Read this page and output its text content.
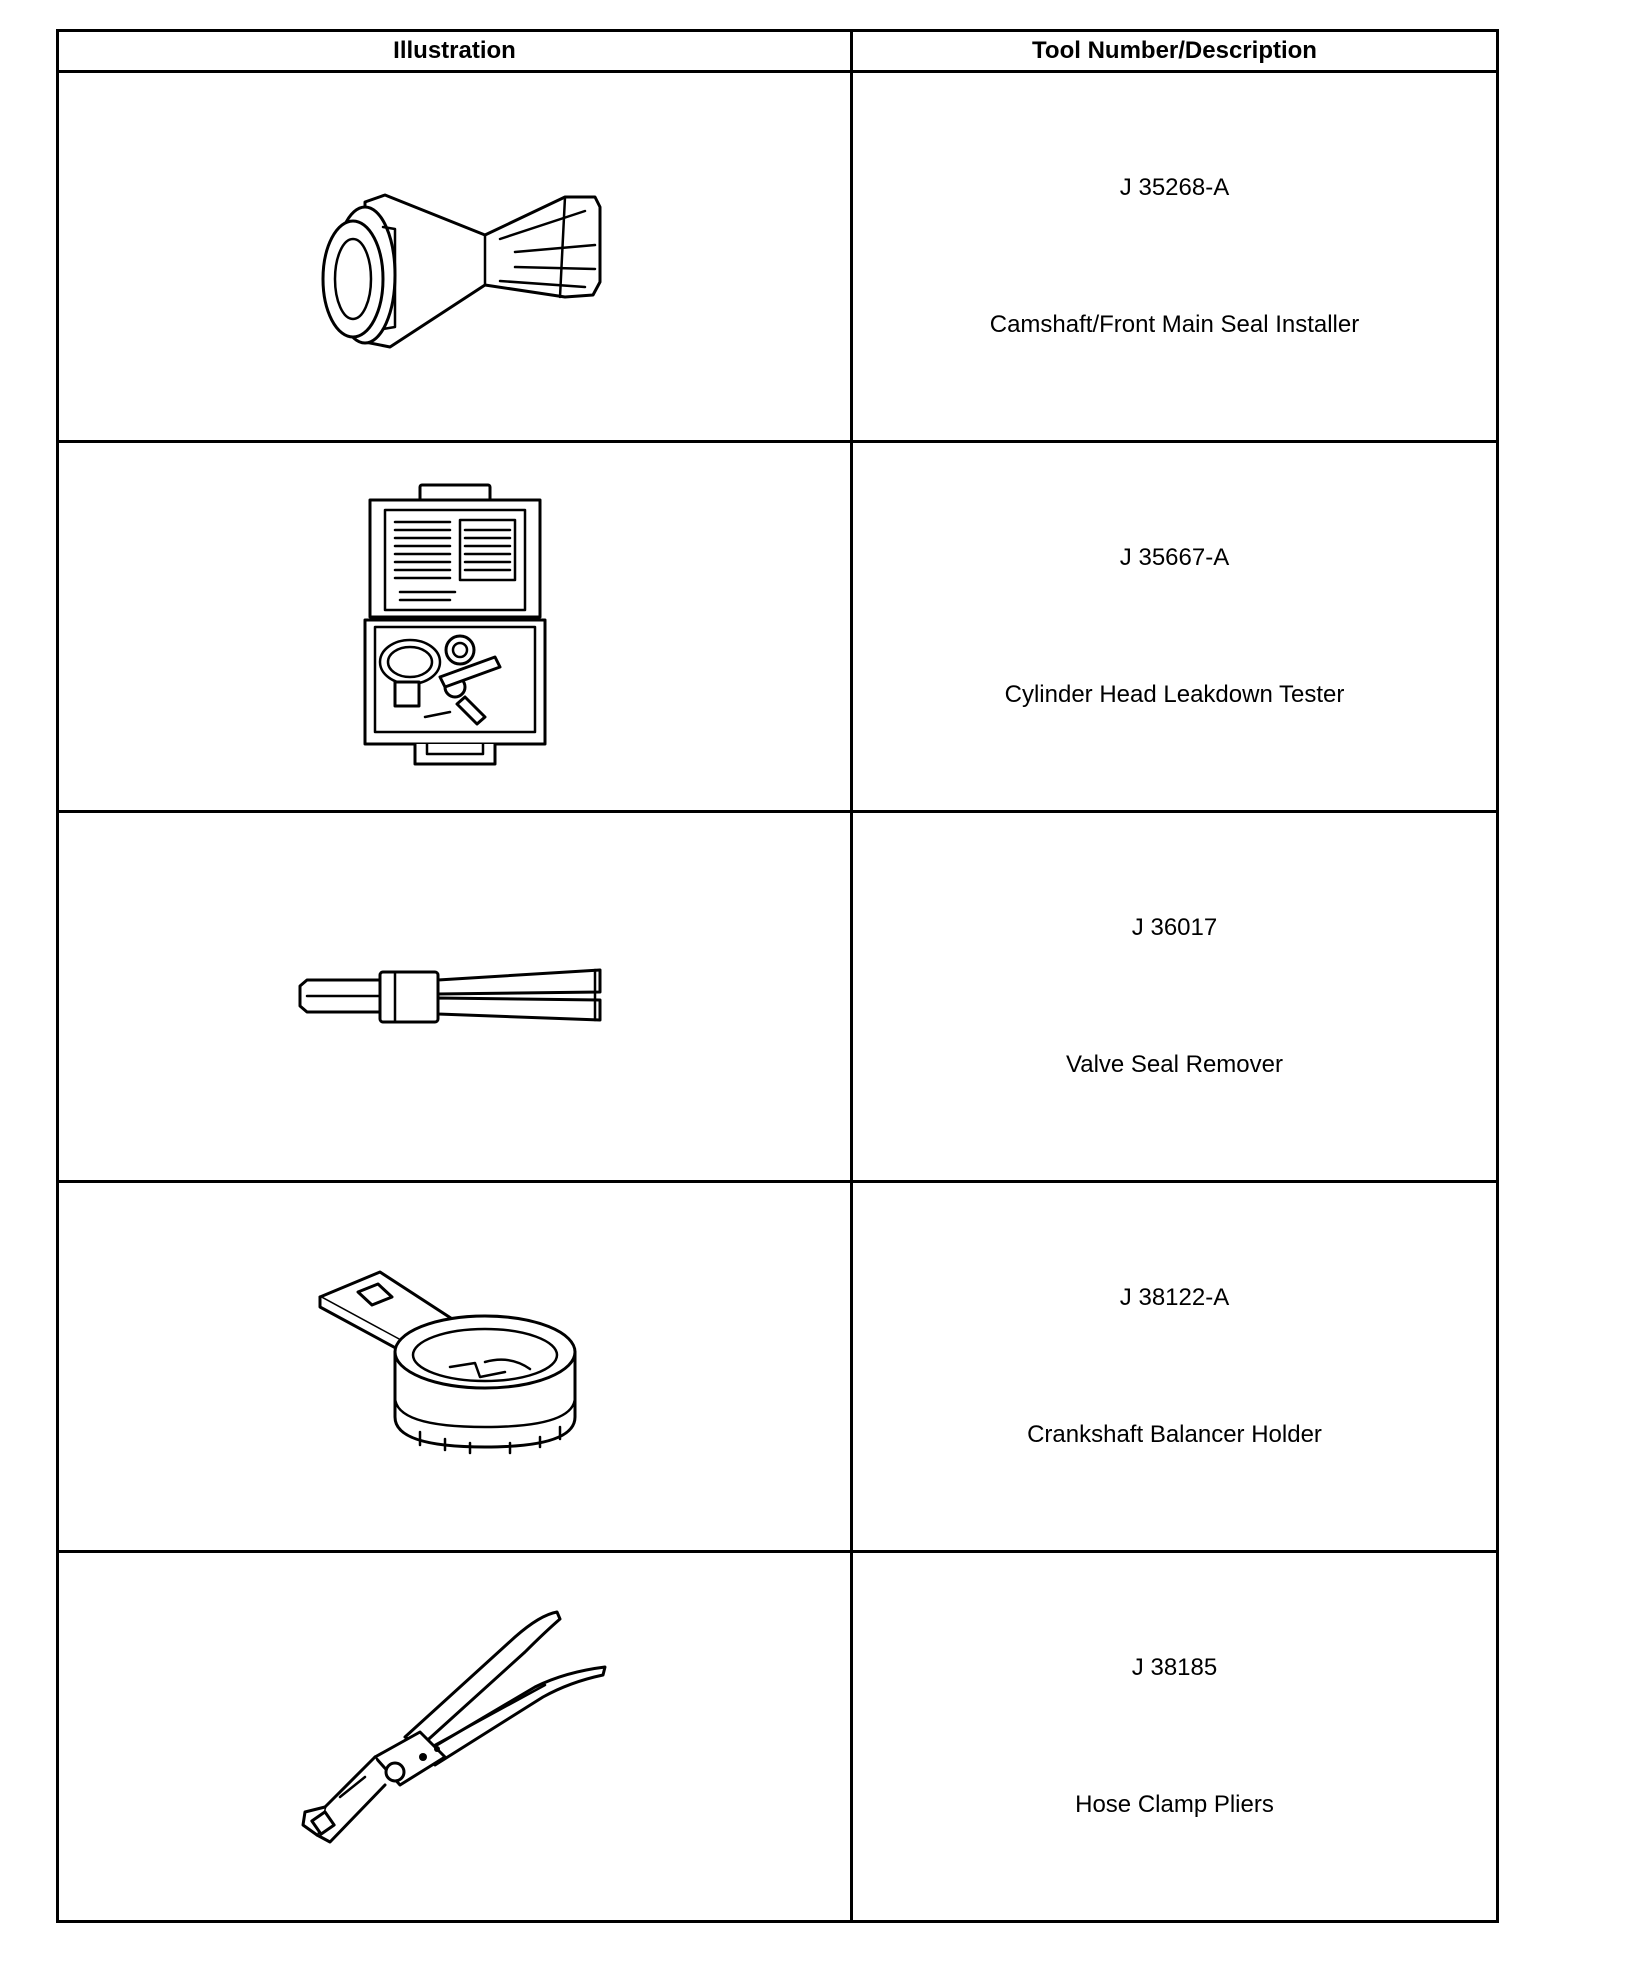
Illustration	Tool Number/Description

J 35268-A
Camshaft/Front Main Seal Installer

J 35667-A
Cylinder Head Leakdown Tester

J 36017
Valve Seal Remover

J 38122-A
Crankshaft Balancer Holder

J 38185
Hose Clamp Pliers
